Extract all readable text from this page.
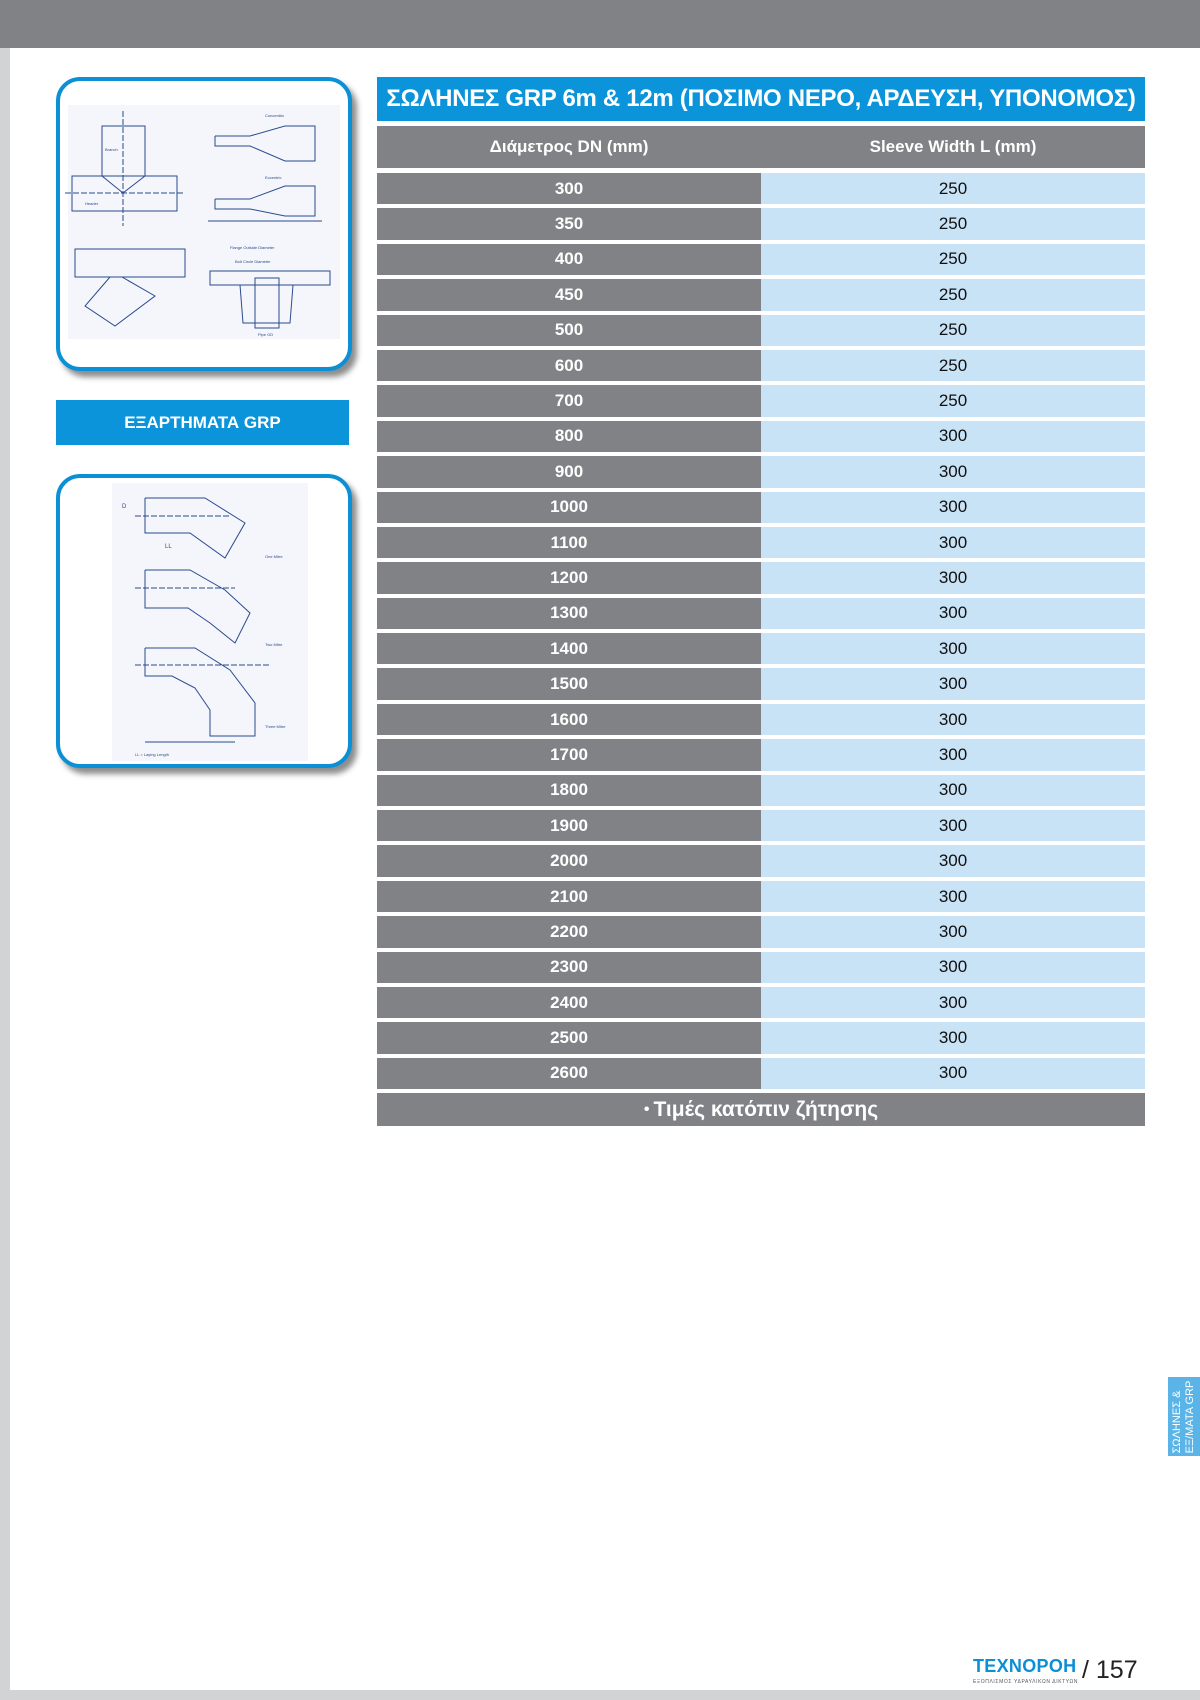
Branch
Header
Concentric
Eccentric
Flange Outside Diameter
Bolt Circle Diameter
Pipe OD
ΕΞΑΡΤΗΜΑΤΑ GRP
One Mitre
Two Mitre
Three Mitre
LL = Laying Length
D
LL
ΣΩΛΗΝΕΣ GRP 6m & 12m (ΠΟΣΙΜΟ ΝΕΡΟ, ΑΡΔΕΥΣΗ, ΥΠΟΝΟΜΟΣ)
Διάμετρος DN (mm)	Sleeve Width L (mm)
300	250
350	250
400	250
450	250
500	250
600	250
700	250
800	300
900	300
1000	300
1100	300
1200	300
1300	300
1400	300
1500	300
1600	300
1700	300
1800	300
1900	300
2000	300
2100	300
2200	300
2300	300
2400	300
2500	300
2600	300
• Τιμές κατόπιν ζήτησης
ΣΩΛΗΝΕΣ & ΕΞ/ΜΑΤΑ GRP
ΤΕΧΝΟΡΟΗ
ΕΞΟΠΛΙΣΜΟΣ ΥΔΡΑΥΛΙΚΩΝ ΔΙΚΤΥΩΝ / 157
